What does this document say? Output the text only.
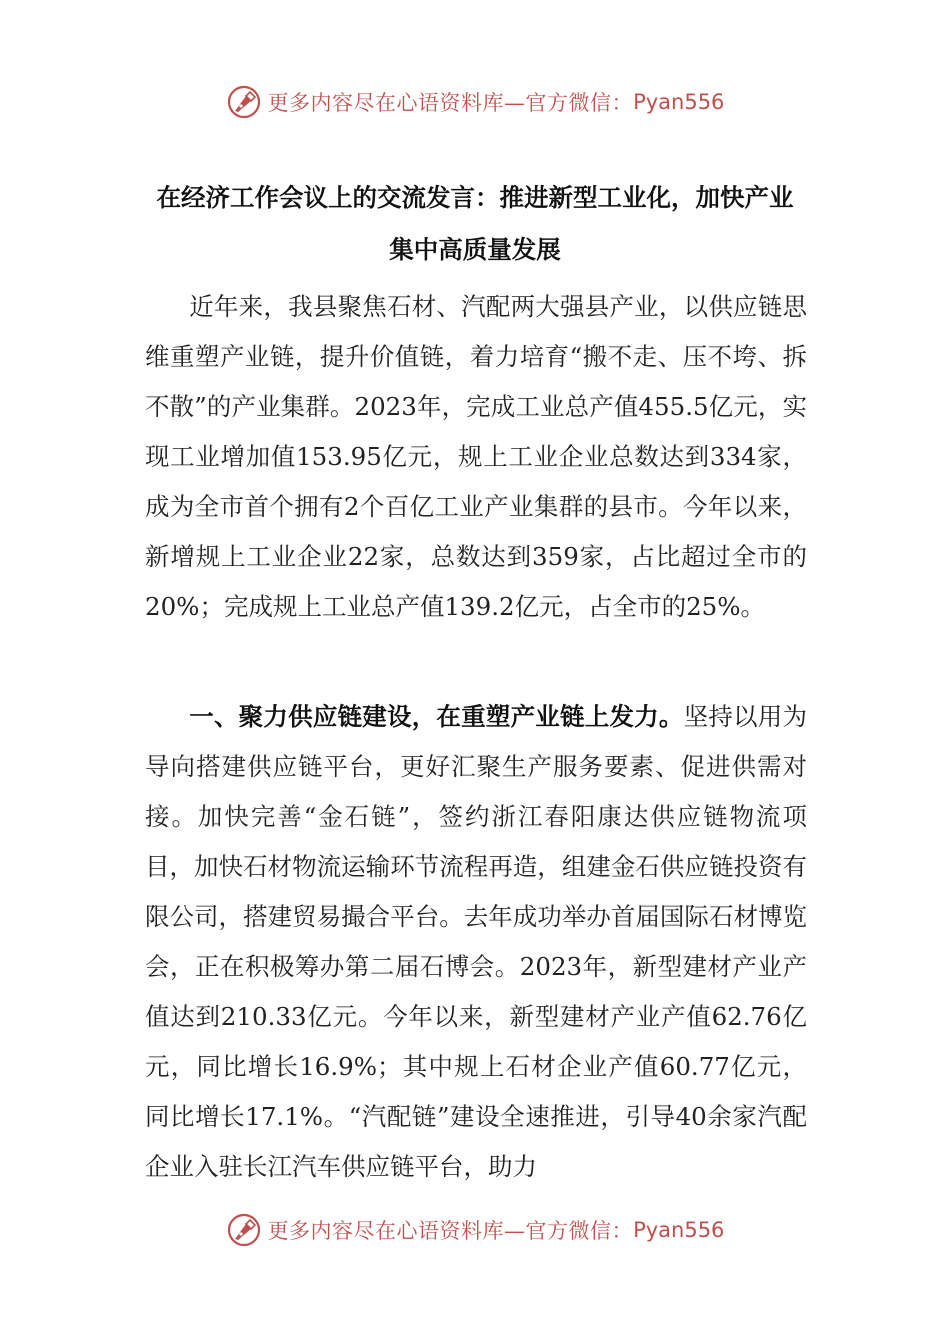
更多内容尽在心语资料库—官方微信： Pyan556
在经济工作会议上的交流发言：推进新型工业化，加快产业集中高质量发展
近年来，我县聚焦石材、汽配两大强县产业，以供应链思维重塑产业链，提升价值链，着力培育“搬不走、压不垮、拆不散”的产业集群。2023年，完成工业总产值455.5亿元，实现工业增加值153.95亿元，规上工业企业总数达到334家，成为全市首个拥有2个百亿工业产业集群的县市。今年以来，新增规上工业企业22家，总数达到359家，占比超过全市的20%；完成规上工业总产值139.2亿元，占全市的25%。
一、聚力供应链建设，在重塑产业链上发力。坚持以用为导向搭建供应链平台，更好汇聚生产服务要素、促进供需对接。加快完善“金石链”，签约浙江春阳康达供应链物流项目，加快石材物流运输环节流程再造，组建金石供应链投资有限公司，搭建贸易撮合平台。去年成功举办首届国际石材博览会，正在积极筹办第二届石博会。2023年，新型建材产业产值达到210.33亿元。今年以来，新型建材产业产值62.76亿元，同比增长16.9%；其中规上石材企业产值60.77亿元，同比增长17.1%。“汽配链”建设全速推进，引导40余家汽配企业入驻长江汽车供应链平台，助力
更多内容尽在心语资料库—官方微信： Pyan556
